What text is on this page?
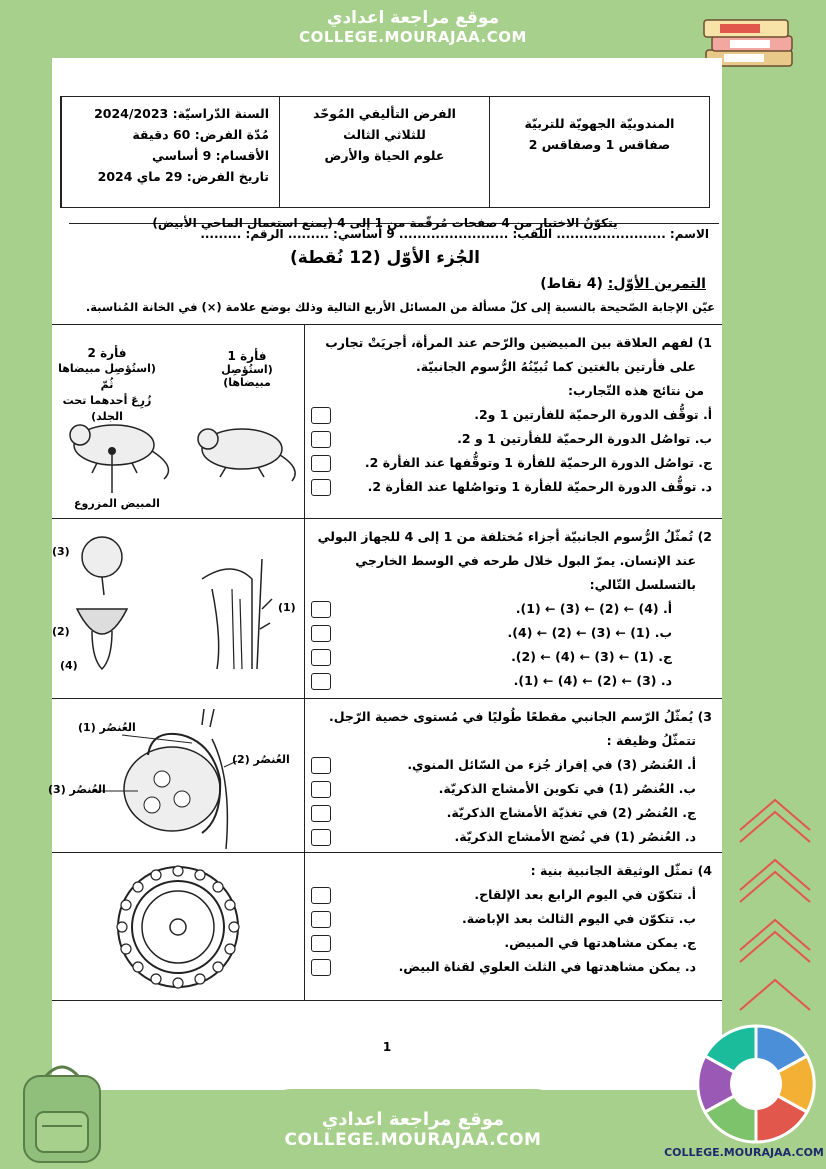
موقع مراجعة اعدادي
COLLEGE.MOURAJAA.COM
المندوبيّة الجهويّة للتربيّة
صفاقس 1 وصفاقس 2
الفرض التأليفي المُوحّد
للثلاثي الثالث
علوم الحياة والأرض
السنة الدّراسيّة: 2024/2023
مُدّة الفرض: 60 دقيقة
الأقسام: 9 أساسي
تاريخ الفرض: 29 ماي 2024
الاسم: ........................ اللقب: ........................ 9 أساسي: ......... الرقم: .........
يتكوّنُ الاختبار من 4 صفحات مُرقّمة من 1 إلى 4 (يمنع استعمال الماحي الأبيض)
الجُزء الأوّل (12 نُقطة)
التمرين الأوّل: (4 نقاط)
عيّن الإجابة الصّحيحة بالنسبة إلى كلّ مسألة من المسائل الأربع التالية وذلك بوضع علامة (×) في الخانة المُناسبة.
1) لفهم العلاقة بين المبيضين والرّحم عند المرأة، أجريَتْ تجارب
على فأرتين بالغتين كما تُبيّنُهُ الرُّسوم الجانبيّة.
من نتائج هذه التّجارب:
أ. توقُّف الدورة الرحميّة للفأرتين 1 و2.
ب. تواصُل الدورة الرحميّة للفأرتين 1 و 2.
ج. تواصُل الدورة الرحميّة للفأرة 1 وتوقُّفها عند الفأرة 2.
د. توقُّف الدورة الرحميّة للفأرة 1 وتواصُلها عند الفأرة 2.
فأرة 1
(استُؤصِل مبيضاها)
فأرة 2
(استُؤصِل مبيضاها ثُمّ
زُرِعَ أحدهما تحت الجلد)
المبيض المزروع
2) تُمثّلُ الرُّسوم الجانبيّة أجزاء مُختلفة من 1 إلى 4 للجهاز البولي
عند الإنسان. يمرّ البول خلال طرحه في الوسط الخارجي
بالتسلسل التّالي:
أ. (4) ← (2) ← (3) ← (1).
ب. (1) ← (3) ← (2) ← (4).
ج. (1) ← (3) ← (4) ← (2).
د. (3) ← (2) ← (4) ← (1).
(3)
(2)
(4)
(1)
3) يُمثّلُ الرّسم الجانبي مقطعًا طُوليًا في مُستوى خصية الرّجل.
تتمثّلُ وظيفة :
أ. العُنصُر (3) في إفراز جُزء من السّائل المنوي.
ب. العُنصُر (1) في تكوين الأمشاج الذكريّة.
ج. العُنصُر (2) في تغذيّة الأمشاج الذكريّة.
د. العُنصُر (1) في نُضج الأمشاج الذكريّة.
العُنصُر (1)
العُنصُر (2)
العُنصُر (3)
4) تمثّل الوثيقة الجانبية بنية :
أ. تتكوّن في اليوم الرابع بعد الإلقاح.
ب. تتكوّن في اليوم الثالث بعد الإباضة.
ج. يمكن مشاهدتها في المبيض.
د. يمكن مشاهدتها في الثلث العلوي لقناة البيض.
1
موقع مراجعة اعدادي
COLLEGE.MOURAJAA.COM
COLLEGE.MOURAJAA.COM
